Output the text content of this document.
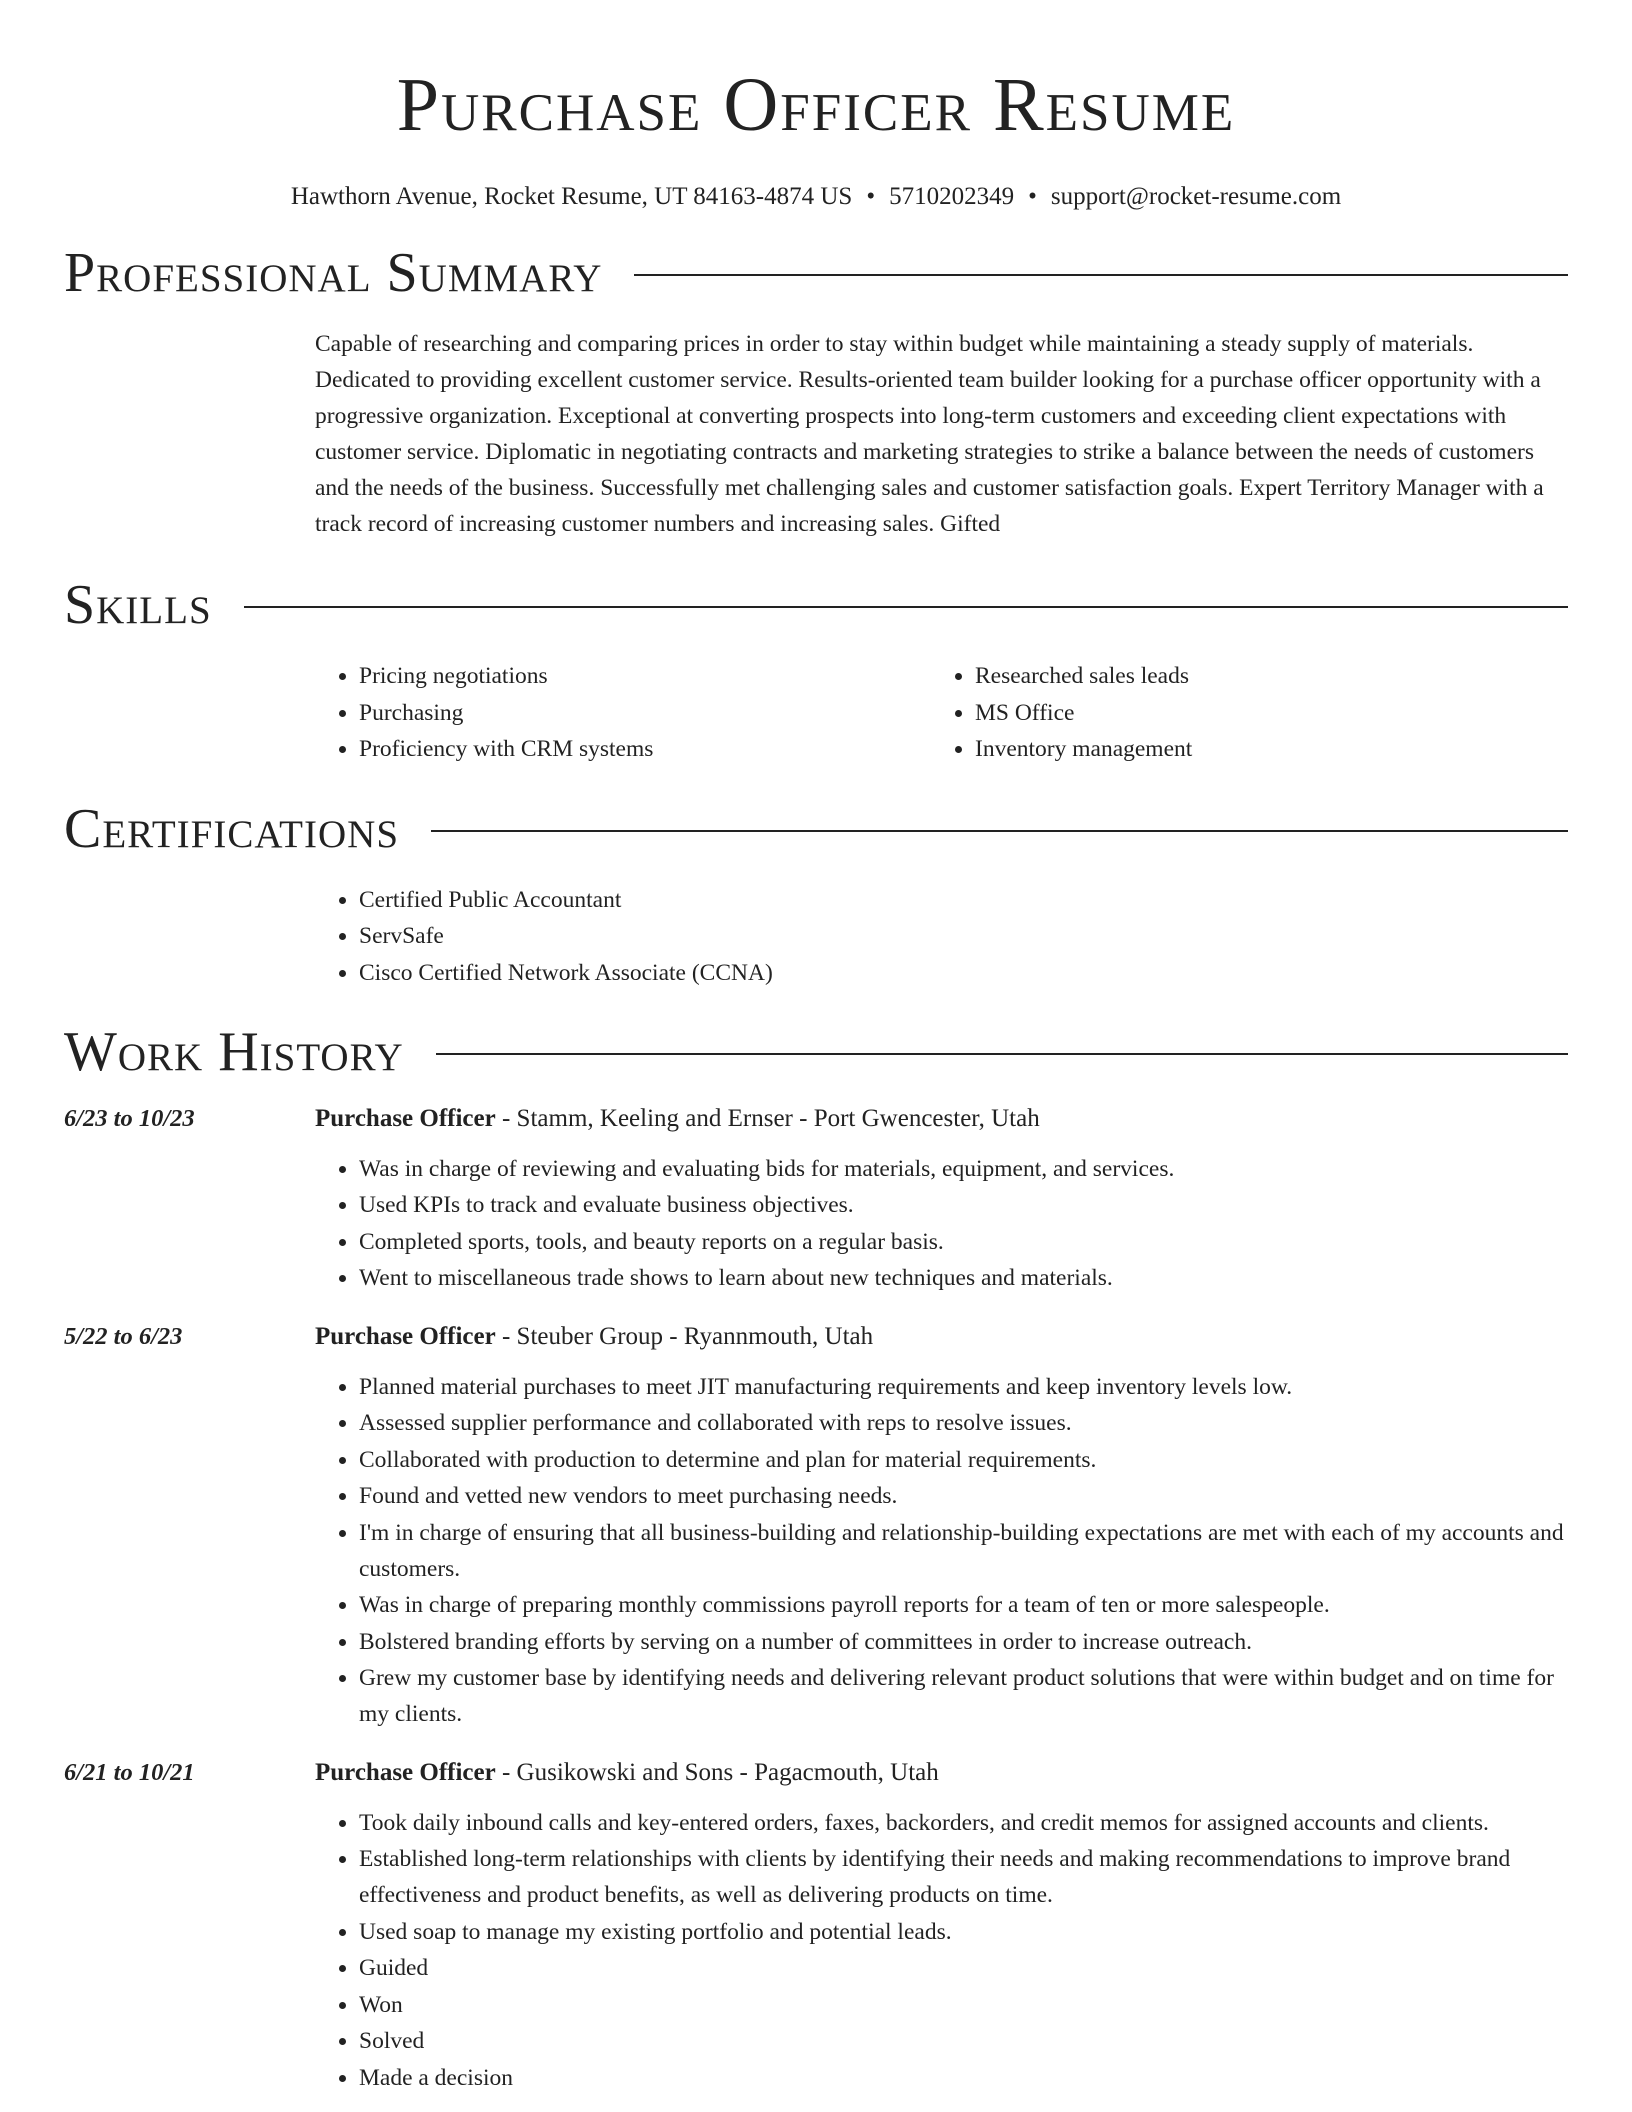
Purchase Officer Resume
Hawthorn Avenue, Rocket Resume, UT 84163-4874 US • 5710202349 • support@rocket-resume.com
Professional Summary

Capable of researching and comparing prices in order to stay within budget while maintaining a steady supply of materials. Dedicated to providing excellent customer service. Results-oriented team builder looking for a purchase officer opportunity with a progressive organization. Exceptional at converting prospects into long-term customers and exceeding client expectations with customer service. Diplomatic in negotiating contracts and marketing strategies to strike a balance between the needs of customers and the needs of the business. Successfully met challenging sales and customer satisfaction goals. Expert Territory Manager with a track record of increasing customer numbers and increasing sales. Gifted

Skills
• Pricing negotiations
• Purchasing
• Proficiency with CRM systems
• Researched sales leads
• MS Office
• Inventory management
Certifications
• Certified Public Accountant
• ServSafe
• Cisco Certified Network Associate (CCNA)
Work History
6/23 to 10/23	Purchase Officer - Stamm, Keeling and Ernser - Port Gwencester, Utah
• Was in charge of reviewing and evaluating bids for materials, equipment, and services.
• Used KPIs to track and evaluate business objectives.
• Completed sports, tools, and beauty reports on a regular basis.
• Went to miscellaneous trade shows to learn about new techniques and materials.
5/22 to 6/23	Purchase Officer - Steuber Group - Ryannmouth, Utah
• Planned material purchases to meet JIT manufacturing requirements and keep inventory levels low.
• Assessed supplier performance and collaborated with reps to resolve issues.
• Collaborated with production to determine and plan for material requirements.
• Found and vetted new vendors to meet purchasing needs.
• I'm in charge of ensuring that all business-building and relationship-building expectations are met with each of my accounts and customers.
• Was in charge of preparing monthly commissions payroll reports for a team of ten or more salespeople.
• Bolstered branding efforts by serving on a number of committees in order to increase outreach.
• Grew my customer base by identifying needs and delivering relevant product solutions that were within budget and on time for my clients.
6/21 to 10/21	Purchase Officer - Gusikowski and Sons - Pagacmouth, Utah
• Took daily inbound calls and key-entered orders, faxes, backorders, and credit memos for assigned accounts and clients.
• Established long-term relationships with clients by identifying their needs and making recommendations to improve brand effectiveness and product benefits, as well as delivering products on time.
• Used soap to manage my existing portfolio and potential leads.
• Guided
• Won
• Solved
• Made a decision
